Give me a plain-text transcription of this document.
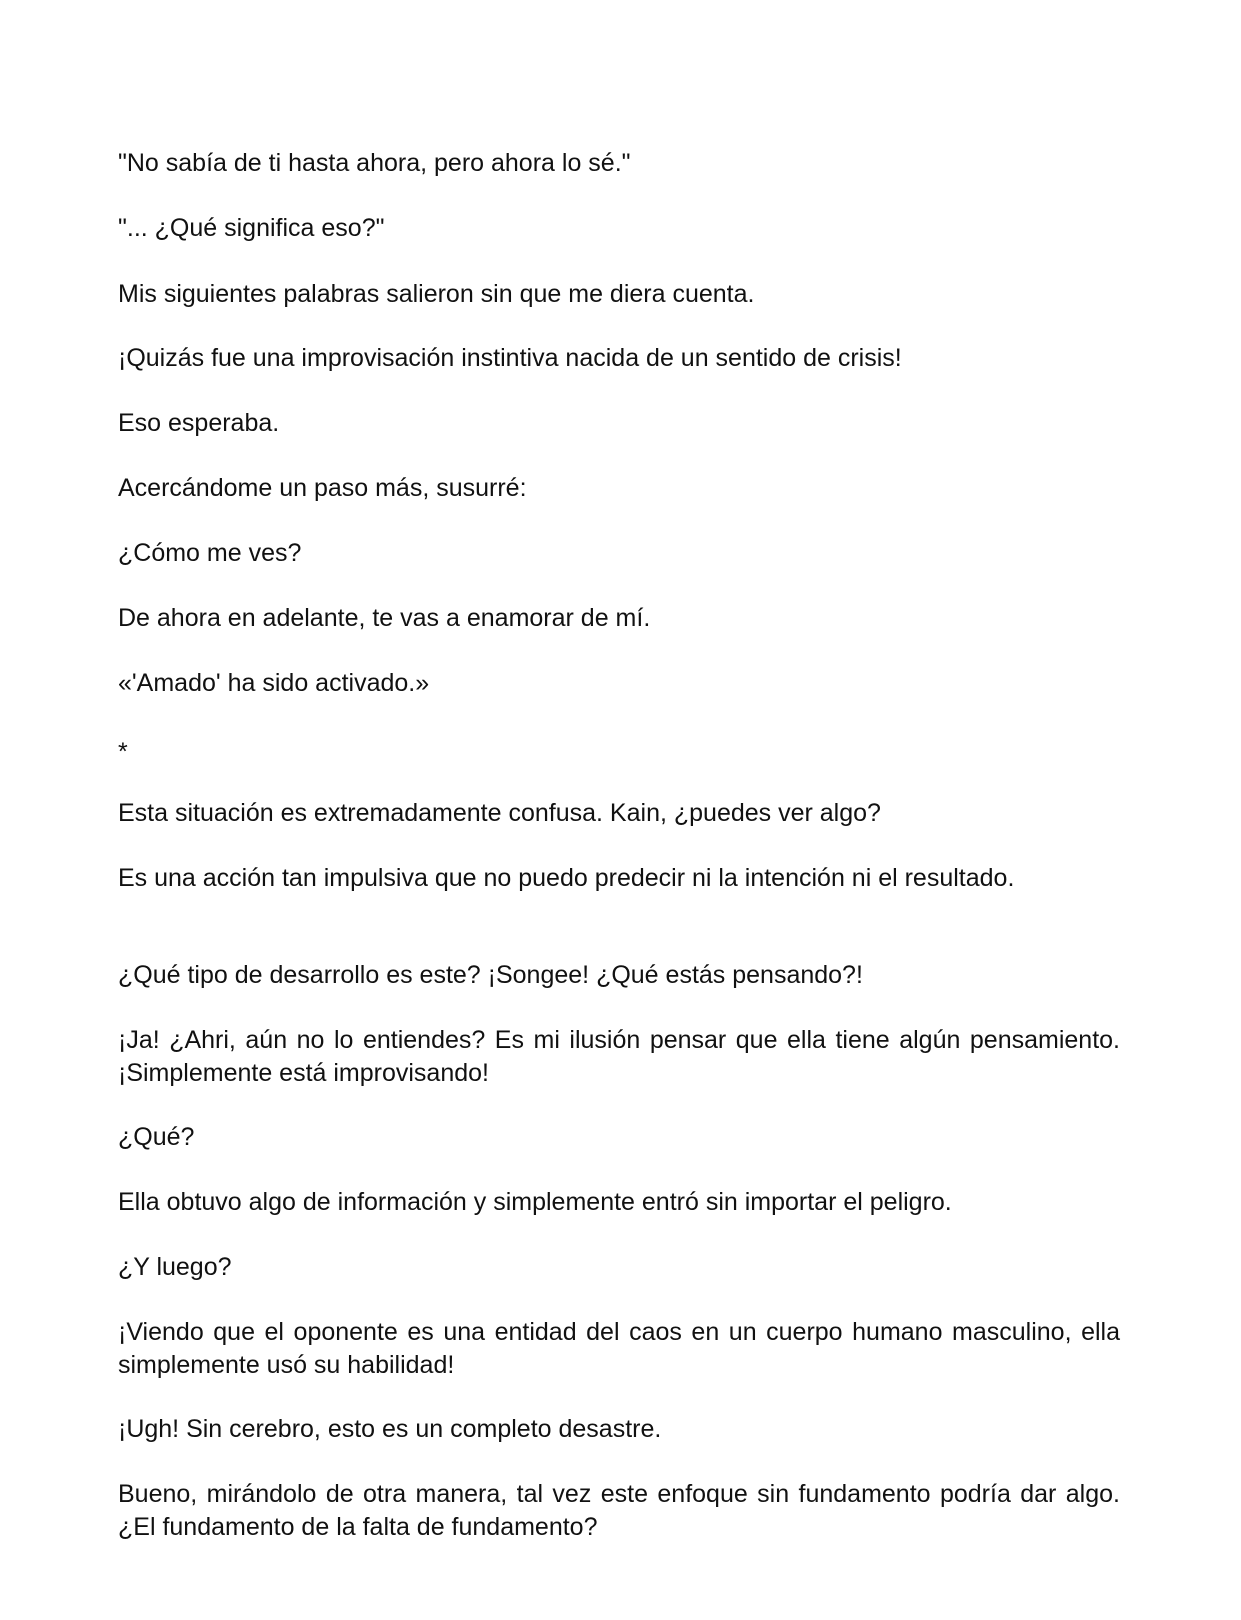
"No sabía de ti hasta ahora, pero ahora lo sé."

"... ¿Qué significa eso?"

Mis siguientes palabras salieron sin que me diera cuenta.

¡Quizás fue una improvisación instintiva nacida de un sentido de crisis!

Eso esperaba.

Acercándome un paso más, susurré:

¿Cómo me ves?

De ahora en adelante, te vas a enamorar de mí.

«'Amado' ha sido activado.»

*

Esta situación es extremadamente confusa. Kain, ¿puedes ver algo?

Es una acción tan impulsiva que no puedo predecir ni la intención ni el resultado.

¿Qué tipo de desarrollo es este? ¡Songee! ¿Qué estás pensando?!

¡Ja! ¿Ahri, aún no lo entiendes? Es mi ilusión pensar que ella tiene algún pensamiento. ¡Simplemente está improvisando!

¿Qué?

Ella obtuvo algo de información y simplemente entró sin importar el peligro.

¿Y luego?

¡Viendo que el oponente es una entidad del caos en un cuerpo humano masculino, ella simplemente usó su habilidad!

¡Ugh! Sin cerebro, esto es un completo desastre.

Bueno, mirándolo de otra manera, tal vez este enfoque sin fundamento podría dar algo. ¿El fundamento de la falta de fundamento?
